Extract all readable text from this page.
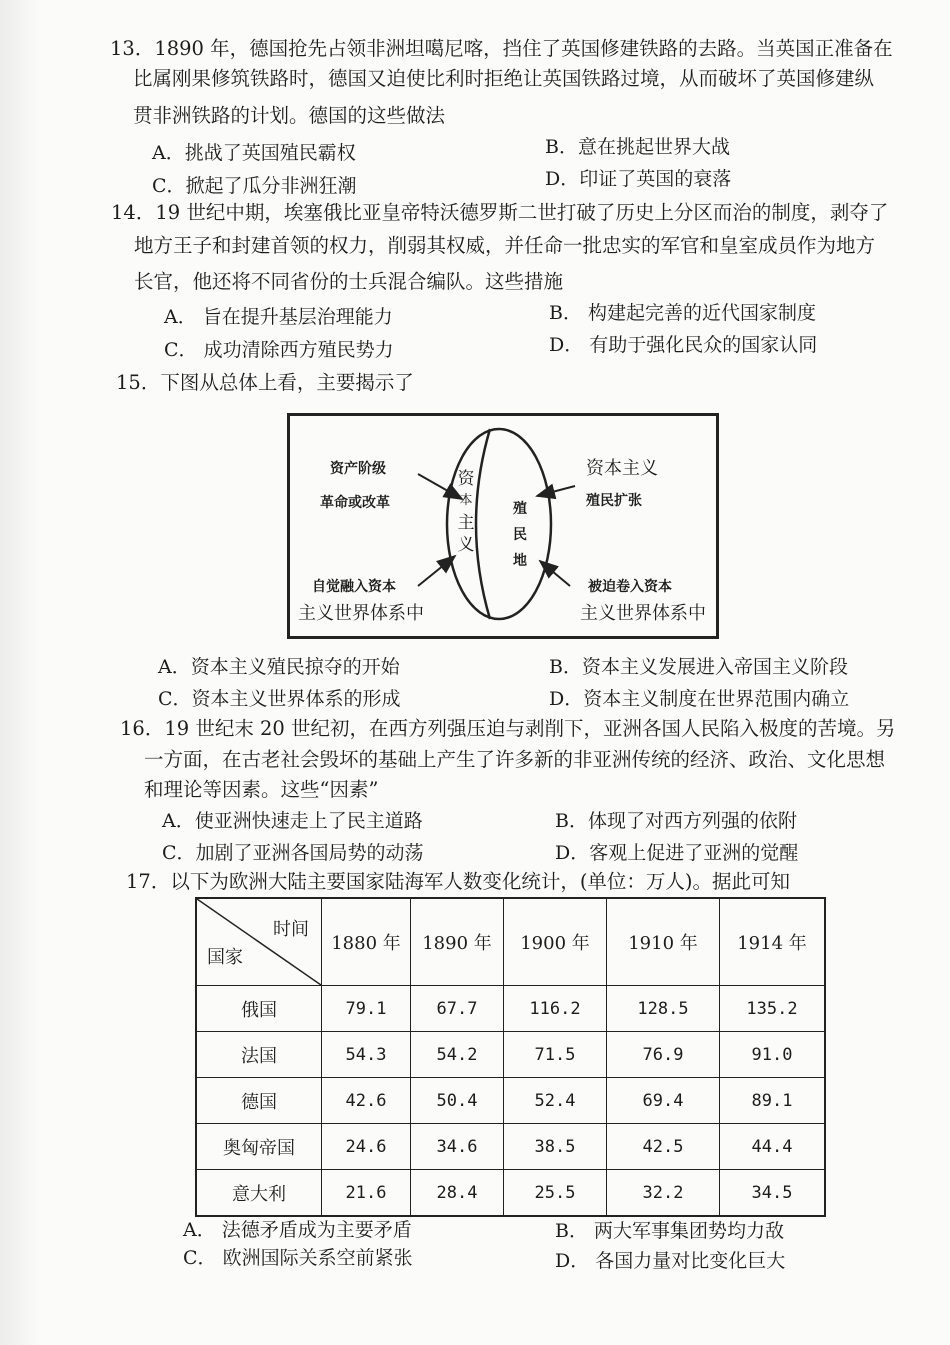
13．1890 年，德国抢先占领非洲坦噶尼喀，挡住了英国修建铁路的去路。当英国正准备在
比属刚果修筑铁路时，德国又迫使比利时拒绝让英国铁路过境，从而破坏了英国修建纵
贯非洲铁路的计划。德国的这些做法
A．挑战了英国殖民霸权	B．意在挑起世界大战
C．掀起了瓜分非洲狂潮	D．印证了英国的衰落
14．19 世纪中期，埃塞俄比亚皇帝特沃德罗斯二世打破了历史上分区而治的制度，剥夺了
地方王子和封建首领的权力，削弱其权威，并任命一批忠实的军官和皇室成员作为地方
长官，他还将不同省份的士兵混合编队。这些措施
A． 旨在提升基层治理能力	B． 构建起完善的近代国家制度
C． 成功清除西方殖民势力	D． 有助于强化民众的国家认同
15．下图从总体上看，主要揭示了
资产阶级
革命或改革
自觉融入资本
主义世界体系中
资本主义
殖民扩张
被迫卷入资本
主义世界体系中
资
本
主
义
殖
民
地
A．资本主义殖民掠夺的开始	B．资本主义发展进入帝国主义阶段
C．资本主义世界体系的形成	D．资本主义制度在世界范围内确立
16．19 世纪末 20 世纪初，在西方列强压迫与剥削下，亚洲各国人民陷入极度的苦境。另
一方面，在古老社会毁坏的基础上产生了许多新的非亚洲传统的经济、政治、文化思想
和理论等因素。这些“因素”
A．使亚洲快速走上了民主道路	B．体现了对西方列强的依附
C．加剧了亚洲各国局势的动荡	D．客观上促进了亚洲的觉醒
17．以下为欧洲大陆主要国家陆海军人数变化统计，(单位：万人)。据此可知
时间
国家	1880 年	1890 年	1900 年	1910 年	1914 年
俄国	79.1	67.7	116.2	128.5	135.2
法国	54.3	54.2	71.5	76.9	91.0
德国	42.6	50.4	52.4	69.4	89.1
奥匈帝国	24.6	34.6	38.5	42.5	44.4
意大利	21.6	28.4	25.5	32.2	34.5
A． 法德矛盾成为主要矛盾	B． 两大军事集团势均力敌
C． 欧洲国际关系空前紧张	D． 各国力量对比变化巨大
